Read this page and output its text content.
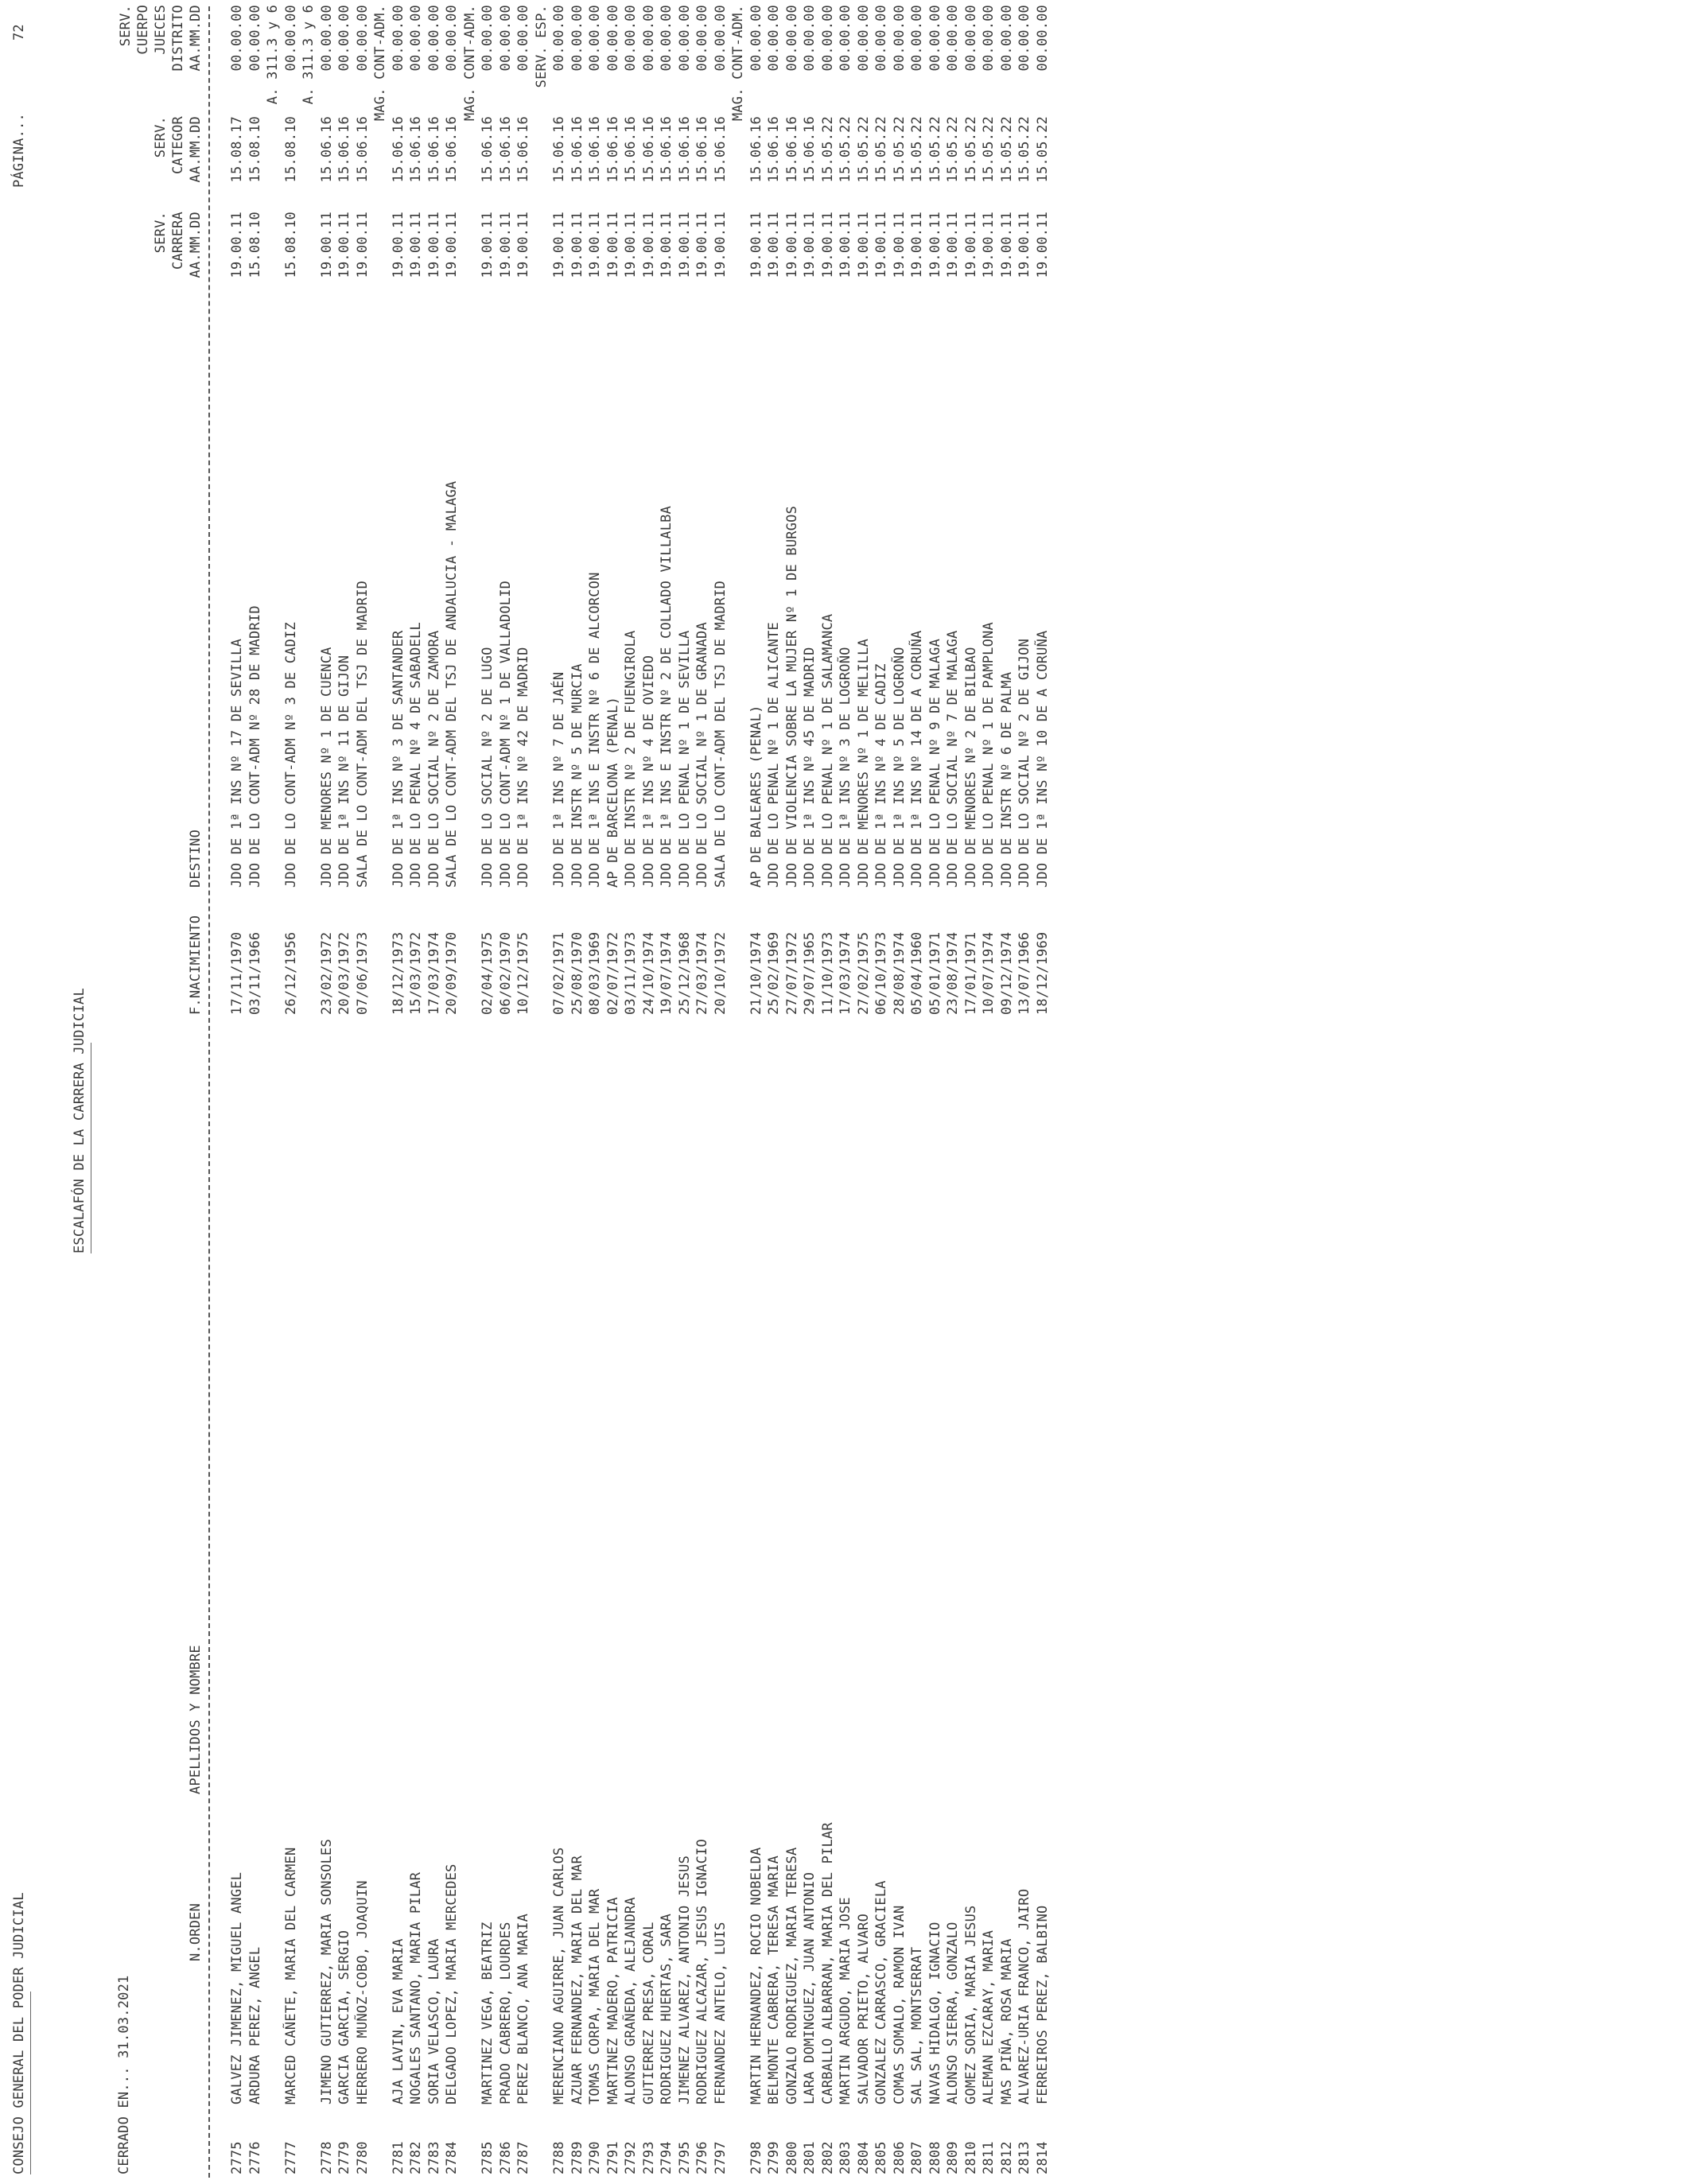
CONSEJO GENERAL DEL PODER JUDICIAL
ESCALAFÓN DE LA CARRERA JUDICIAL
PÁGINA...
72
CERRADO EN... 31.03.2021
SERV. CUERPO JUECES DISTRITO AA.MM.DD
SERV. CATEGOR AA.MM.DD
SERV. CARRERA AA.MM.DD
N.ORDEN
APELLIDOS Y NOMBRE
F.NACIMIENTO
DESTINO
2775
GALVEZ JIMENEZ, MIGUEL ANGEL
17/11/1970
JDO DE 1ª INS Nº 17 DE SEVILLA
19.00.11
15.08.17
00.00.00
2776
ARDURA PEREZ, ANGEL
03/11/1966
JDO DE LO CONT-ADM Nº 28 DE MADRID
15.08.10
15.08.10
00.00.00 A. 311.3 y 6
2777
MARCED CAÑETE, MARIA DEL CARMEN
26/12/1956
JDO DE LO CONT-ADM Nº 3 DE CADIZ
15.08.10
15.08.10
00.00.00 A. 311.3 y 6
2778
JIMENO GUTIERREZ, MARIA SONSOLES
23/02/1972
JDO DE MENORES Nº 1 DE CUENCA
19.00.11
15.06.16
00.00.00
2779
GARCIA GARCIA, SERGIO
20/03/1972
JDO DE 1ª INS Nº 11 DE GIJON
19.00.11
15.06.16
00.00.00
2780
HERRERO MUÑOZ-COBO, JOAQUIN
07/06/1973
SALA DE LO CONT-ADM DEL TSJ DE MADRID
19.00.11
15.06.16
00.00.00 MAG. CONT-ADM.
2781
AJA LAVIN, EVA MARIA
18/12/1973
JDO DE 1ª INS Nº 3 DE SANTANDER
19.00.11
15.06.16
00.00.00
2782
NOGALES SANTANO, MARIA PILAR
15/03/1972
JDO DE LO PENAL Nº 4 DE SABADELL
19.00.11
15.06.16
00.00.00
2783
SORIA VELASCO, LAURA
17/03/1974
JDO DE LO SOCIAL Nº 2 DE ZAMORA
19.00.11
15.06.16
00.00.00
2784
DELGADO LOPEZ, MARIA MERCEDES
20/09/1970
SALA DE LO CONT-ADM DEL TSJ DE ANDALUCIA - MALAGA
19.00.11
15.06.16
00.00.00 MAG. CONT-ADM.
2785
MARTINEZ VEGA, BEATRIZ
02/04/1975
JDO DE LO SOCIAL Nº 2 DE LUGO
19.00.11
15.06.16
00.00.00
2786
PRADO CABRERO, LOURDES
06/02/1970
JDO DE LO CONT-ADM Nº 1 DE VALLADOLID
19.00.11
15.06.16
00.00.00
2787
PEREZ BLANCO, ANA MARIA
10/12/1975
JDO DE 1ª INS Nº 42 DE MADRID
19.00.11
15.06.16
00.00.00 SERV. ESP.
2788
MERENCIANO AGUIRRE, JUAN CARLOS
07/02/1971
JDO DE 1ª INS Nº 7 DE JAÉN
19.00.11
15.06.16
00.00.00
2789
AZUAR FERNANDEZ, MARIA DEL MAR
25/08/1970
JDO DE INSTR Nº 5 DE MURCIA
19.00.11
15.06.16
00.00.00
2790
TOMAS CORPA, MARIA DEL MAR
08/03/1969
JDO DE 1ª INS E INSTR Nº 6 DE ALCORCON
19.00.11
15.06.16
00.00.00
2791
MARTINEZ MADERO, PATRICIA
02/07/1972
AP DE BARCELONA (PENAL)
19.00.11
15.06.16
00.00.00
2792
ALONSO GRAÑEDA, ALEJANDRA
03/11/1973
JDO DE INSTR Nº 2 DE FUENGIROLA
19.00.11
15.06.16
00.00.00
2793
GUTIERREZ PRESA, CORAL
24/10/1974
JDO DE 1ª INS Nº 4 DE OVIEDO
19.00.11
15.06.16
00.00.00
2794
RODRIGUEZ HUERTAS, SARA
19/07/1974
JDO DE 1ª INS E INSTR Nº 2 DE COLLADO VILLALBA
19.00.11
15.06.16
00.00.00
2795
JIMENEZ ALVAREZ, ANTONIO JESUS
25/12/1968
JDO DE LO PENAL Nº 1 DE SEVILLA
19.00.11
15.06.16
00.00.00
2796
RODRIGUEZ ALCAZAR, JESUS IGNACIO
27/03/1974
JDO DE LO SOCIAL Nº 1 DE GRANADA
19.00.11
15.06.16
00.00.00
2797
FERNANDEZ ANTELO, LUIS
20/10/1972
SALA DE LO CONT-ADM DEL TSJ DE MADRID
19.00.11
15.06.16
00.00.00 MAG. CONT-ADM.
2798
MARTIN HERNANDEZ, ROCIO NOBELDA
21/10/1974
AP DE BALEARES (PENAL)
19.00.11
15.06.16
00.00.00
2799
BELMONTE CABRERA, TERESA MARIA
25/02/1969
JDO DE LO PENAL Nº 1 DE ALICANTE
19.00.11
15.06.16
00.00.00
2800
GONZALO RODRIGUEZ, MARIA TERESA
27/07/1972
JDO DE VIOLENCIA SOBRE LA MUJER Nº 1 DE BURGOS
19.00.11
15.06.16
00.00.00
2801
LARA DOMINGUEZ, JUAN ANTONIO
29/07/1965
JDO DE 1ª INS Nº 45 DE MADRID
19.00.11
15.06.16
00.00.00
2802
CARBALLO ALBARRAN, MARIA DEL PILAR
11/10/1973
JDO DE LO PENAL Nº 1 DE SALAMANCA
19.00.11
15.05.22
00.00.00
2803
MARTIN ARGUDO, MARIA JOSE
17/03/1974
JDO DE 1ª INS Nº 3 DE LOGROÑO
19.00.11
15.05.22
00.00.00
2804
SALVADOR PRIETO, ALVARO
27/02/1975
JDO DE MENORES Nº 1 DE MELILLA
19.00.11
15.05.22
00.00.00
2805
GONZALEZ CARRASCO, GRACIELA
06/10/1973
JDO DE 1ª INS Nº 4 DE CADIZ
19.00.11
15.05.22
00.00.00
2806
COMAS SOMALO, RAMON IVAN
28/08/1974
JDO DE 1ª INS Nº 5 DE LOGROÑO
19.00.11
15.05.22
00.00.00
2807
SAL SAL, MONTSERRAT
05/04/1960
JDO DE 1ª INS Nº 14 DE A CORUÑA
19.00.11
15.05.22
00.00.00
2808
NAVAS HIDALGO, IGNACIO
05/01/1971
JDO DE LO PENAL Nº 9 DE MALAGA
19.00.11
15.05.22
00.00.00
2809
ALONSO SIERRA, GONZALO
23/08/1974
JDO DE LO SOCIAL Nº 7 DE MALAGA
19.00.11
15.05.22
00.00.00
2810
GOMEZ SORIA, MARIA JESUS
17/01/1971
JDO DE MENORES Nº 2 DE BILBAO
19.00.11
15.05.22
00.00.00
2811
ALEMAN EZCARAY, MARIA
10/07/1974
JDO DE LO PENAL Nº 1 DE PAMPLONA
19.00.11
15.05.22
00.00.00
2812
MAS PIÑA, ROSA MARIA
09/12/1974
JDO DE INSTR Nº 6 DE PALMA
19.00.11
15.05.22
00.00.00
2813
ALVAREZ-URIA FRANCO, JAIRO
13/07/1966
JDO DE LO SOCIAL Nº 2 DE GIJON
19.00.11
15.05.22
00.00.00
2814
FERREIROS PEREZ, BALBINO
18/12/1969
JDO DE 1ª INS Nº 10 DE A CORUÑA
19.00.11
15.05.22
00.00.00
